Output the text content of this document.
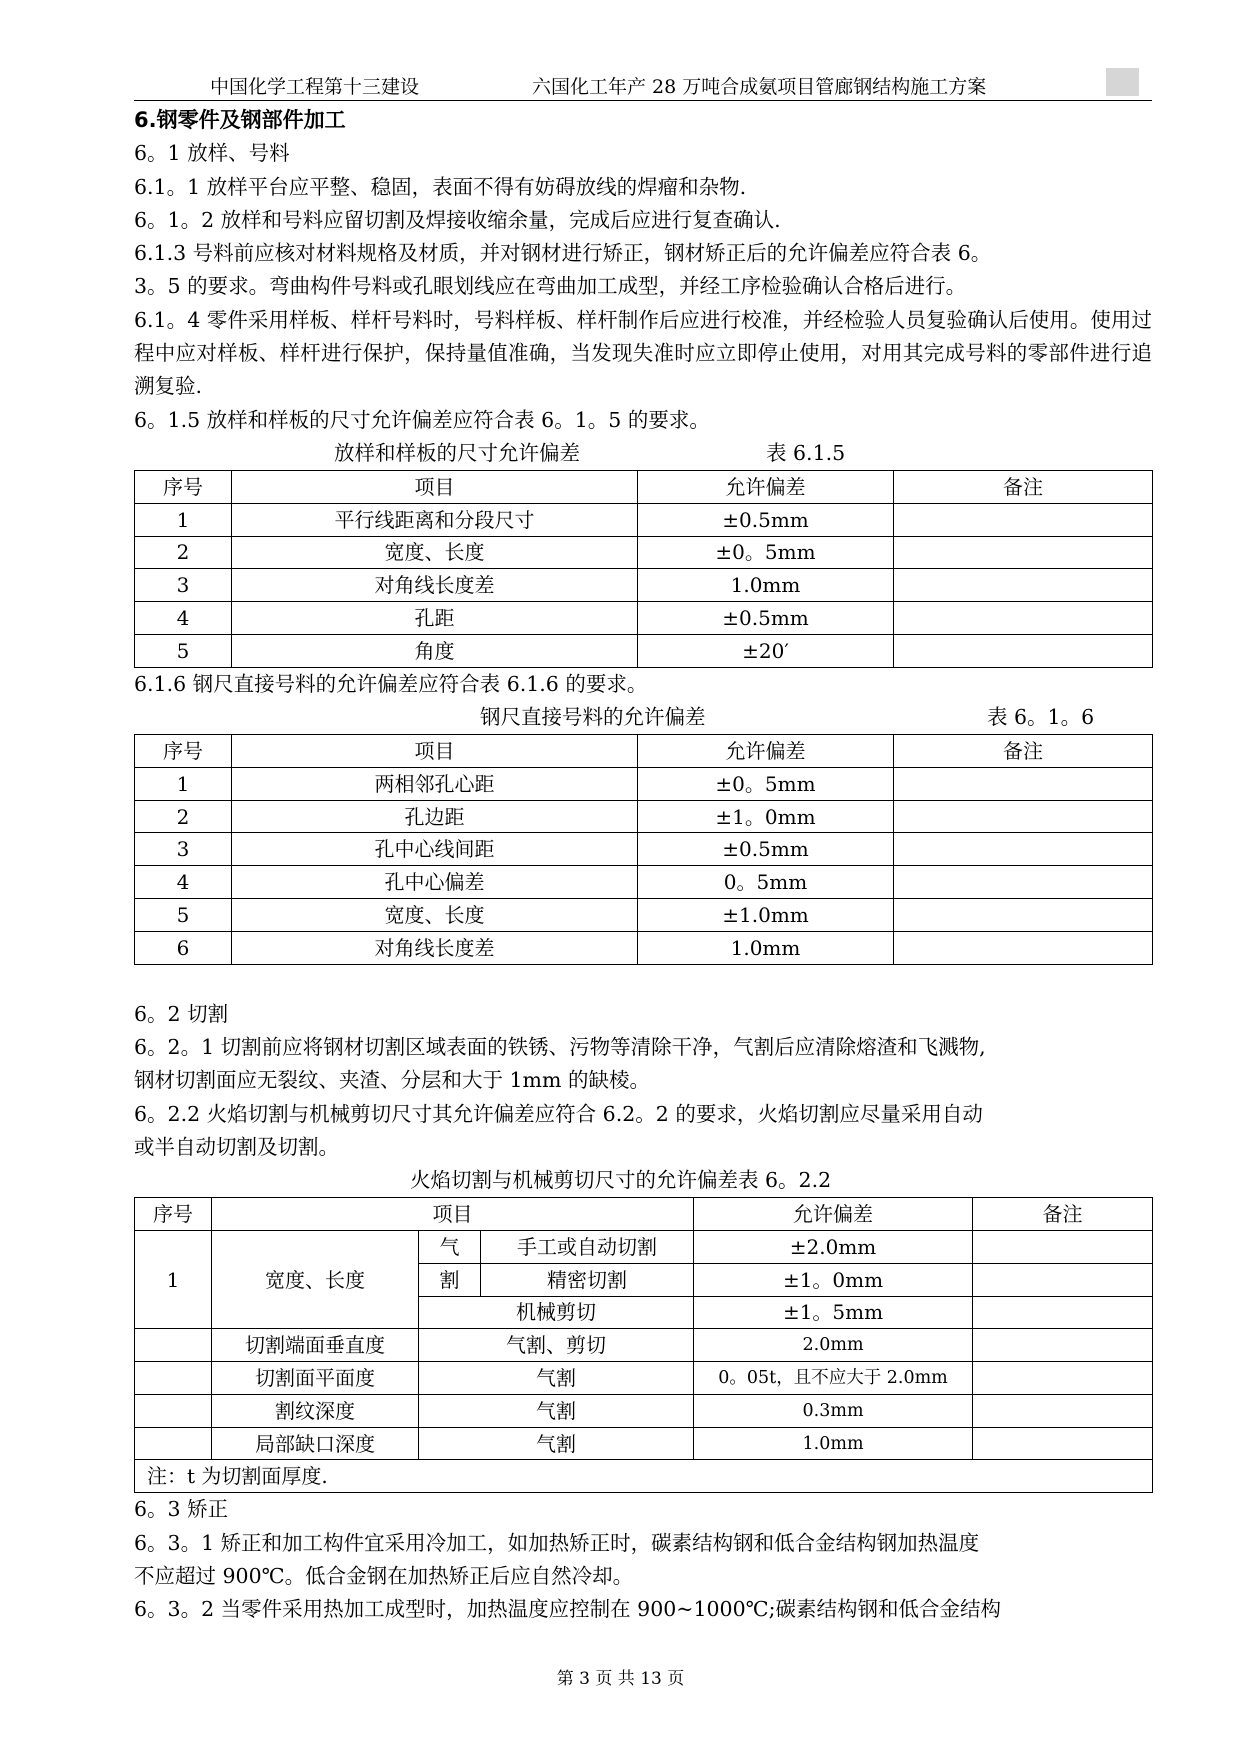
中国化学工程第十三建设	六国化工年产 28 万吨合成氨项目管廊钢结构施工方案
6.钢零件及钢部件加工
6。1 放样、号料
6.1。1 放样平台应平整、稳固，表面不得有妨碍放线的焊瘤和杂物.
6。1。2 放样和号料应留切割及焊接收缩余量，完成后应进行复查确认.
6.1.3 号料前应核对材料规格及材质，并对钢材进行矫正，钢材矫正后的允许偏差应符合表 6。
3。5 的要求。弯曲构件号料或孔眼划线应在弯曲加工成型，并经工序检验确认合格后进行。
6.1。4 零件采用样板、样杆号料时，号料样板、样杆制作后应进行校准，并经检验人员复验确认后使用。使用过程中应对样板、样杆进行保护，保持量值准确，当发现失准时应立即停止使用，对用其完成号料的零部件进行追溯复验.
6。1.5 放样和样板的尺寸允许偏差应符合表 6。1。5 的要求。
放样和样板的尺寸允许偏差	表 6.1.5
序号	项目	允许偏差	备注
1	平行线距离和分段尺寸	±0.5mm	
2	宽度、长度	±0。5mm	
3	对角线长度差	1.0mm	
4	孔距	±0.5mm	
5	角度	±20′	
6.1.6 钢尺直接号料的允许偏差应符合表 6.1.6 的要求。
钢尺直接号料的允许偏差	表 6。1。6
序号	项目	允许偏差	备注
1	两相邻孔心距	±0。5mm	
2	孔边距	±1。0mm	
3	孔中心线间距	±0.5mm	
4	孔中心偏差	0。5mm	
5	宽度、长度	±1.0mm	
6	对角线长度差	1.0mm	
6。2 切割
6。2。1 切割前应将钢材切割区域表面的铁锈、污物等清除干净，气割后应清除熔渣和飞溅物,
钢材切割面应无裂纹、夹渣、分层和大于 1mm 的缺棱。
6。2.2 火焰切割与机械剪切尺寸其允许偏差应符合 6.2。2 的要求，火焰切割应尽量采用自动
或半自动切割及切割。
火焰切割与机械剪切尺寸的允许偏差表 6。2.2
序号	项目			允许偏差	备注
1	宽度、长度	气	手工或自动切割	±2.0mm	
		割	精密切割	±1。0mm	
		机械剪切		±1。5mm	
	切割端面垂直度	气割、剪切		2.0mm	
	切割面平面度	气割		0。05t，且不应大于 2.0mm	
	割纹深度	气割		0.3mm	
	局部缺口深度	气割		1.0mm	
注：t 为切割面厚度.					
6。3 矫正
6。3。1 矫正和加工构件宜采用冷加工，如加热矫正时，碳素结构钢和低合金结构钢加热温度
不应超过 900℃。低合金钢在加热矫正后应自然冷却。
6。3。2 当零件采用热加工成型时，加热温度应控制在 900~1000℃;碳素结构钢和低合金结构
第 3 页 共 13 页
